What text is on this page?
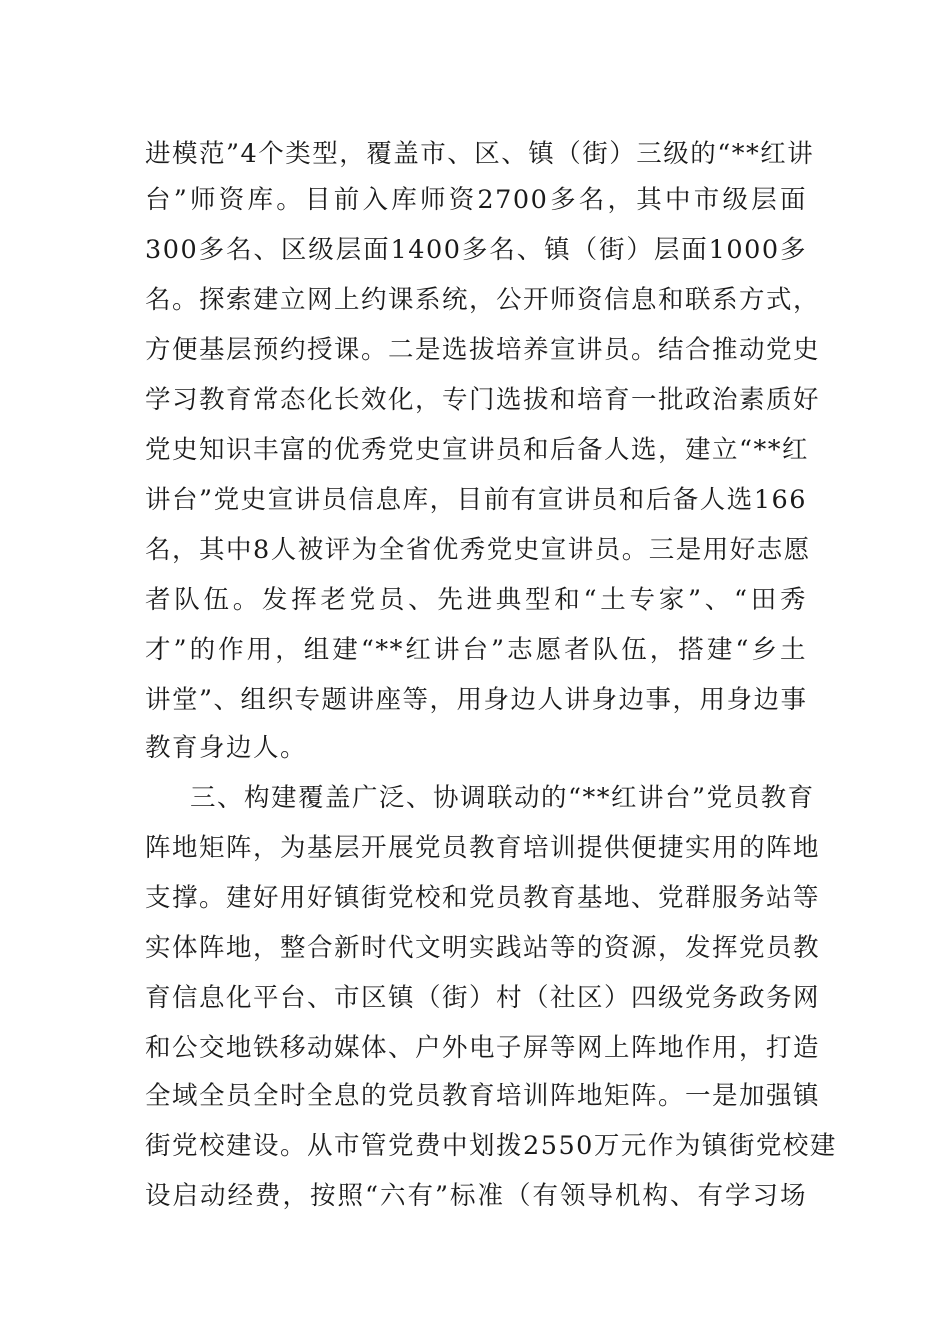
进模范”4个类型，覆盖市、区、镇（街）三级的“**红讲
台”师资库。目前入库师资2700多名，其中市级层面
300多名、区级层面1400多名、镇（街）层面1000多
名。探索建立网上约课系统，公开师资信息和联系方式，
方便基层预约授课。二是选拔培养宣讲员。结合推动党史
学习教育常态化长效化，专门选拔和培育一批政治素质好
党史知识丰富的优秀党史宣讲员和后备人选，建立“**红
讲台”党史宣讲员信息库，目前有宣讲员和后备人选166
名，其中8人被评为全省优秀党史宣讲员。三是用好志愿
者队伍。发挥老党员、先进典型和“土专家”、“田秀
才”的作用，组建“**红讲台”志愿者队伍，搭建“乡土
讲堂”、组织专题讲座等，用身边人讲身边事，用身边事
教育身边人。
三、构建覆盖广泛、协调联动的“**红讲台”党员教育
阵地矩阵，为基层开展党员教育培训提供便捷实用的阵地
支撑。建好用好镇街党校和党员教育基地、党群服务站等
实体阵地，整合新时代文明实践站等的资源，发挥党员教
育信息化平台、市区镇（街）村（社区）四级党务政务网
和公交地铁移动媒体、户外电子屏等网上阵地作用，打造
全域全员全时全息的党员教育培训阵地矩阵。一是加强镇
街党校建设。从市管党费中划拨2550万元作为镇街党校建
设启动经费，按照“六有”标准（有领导机构、有学习场
